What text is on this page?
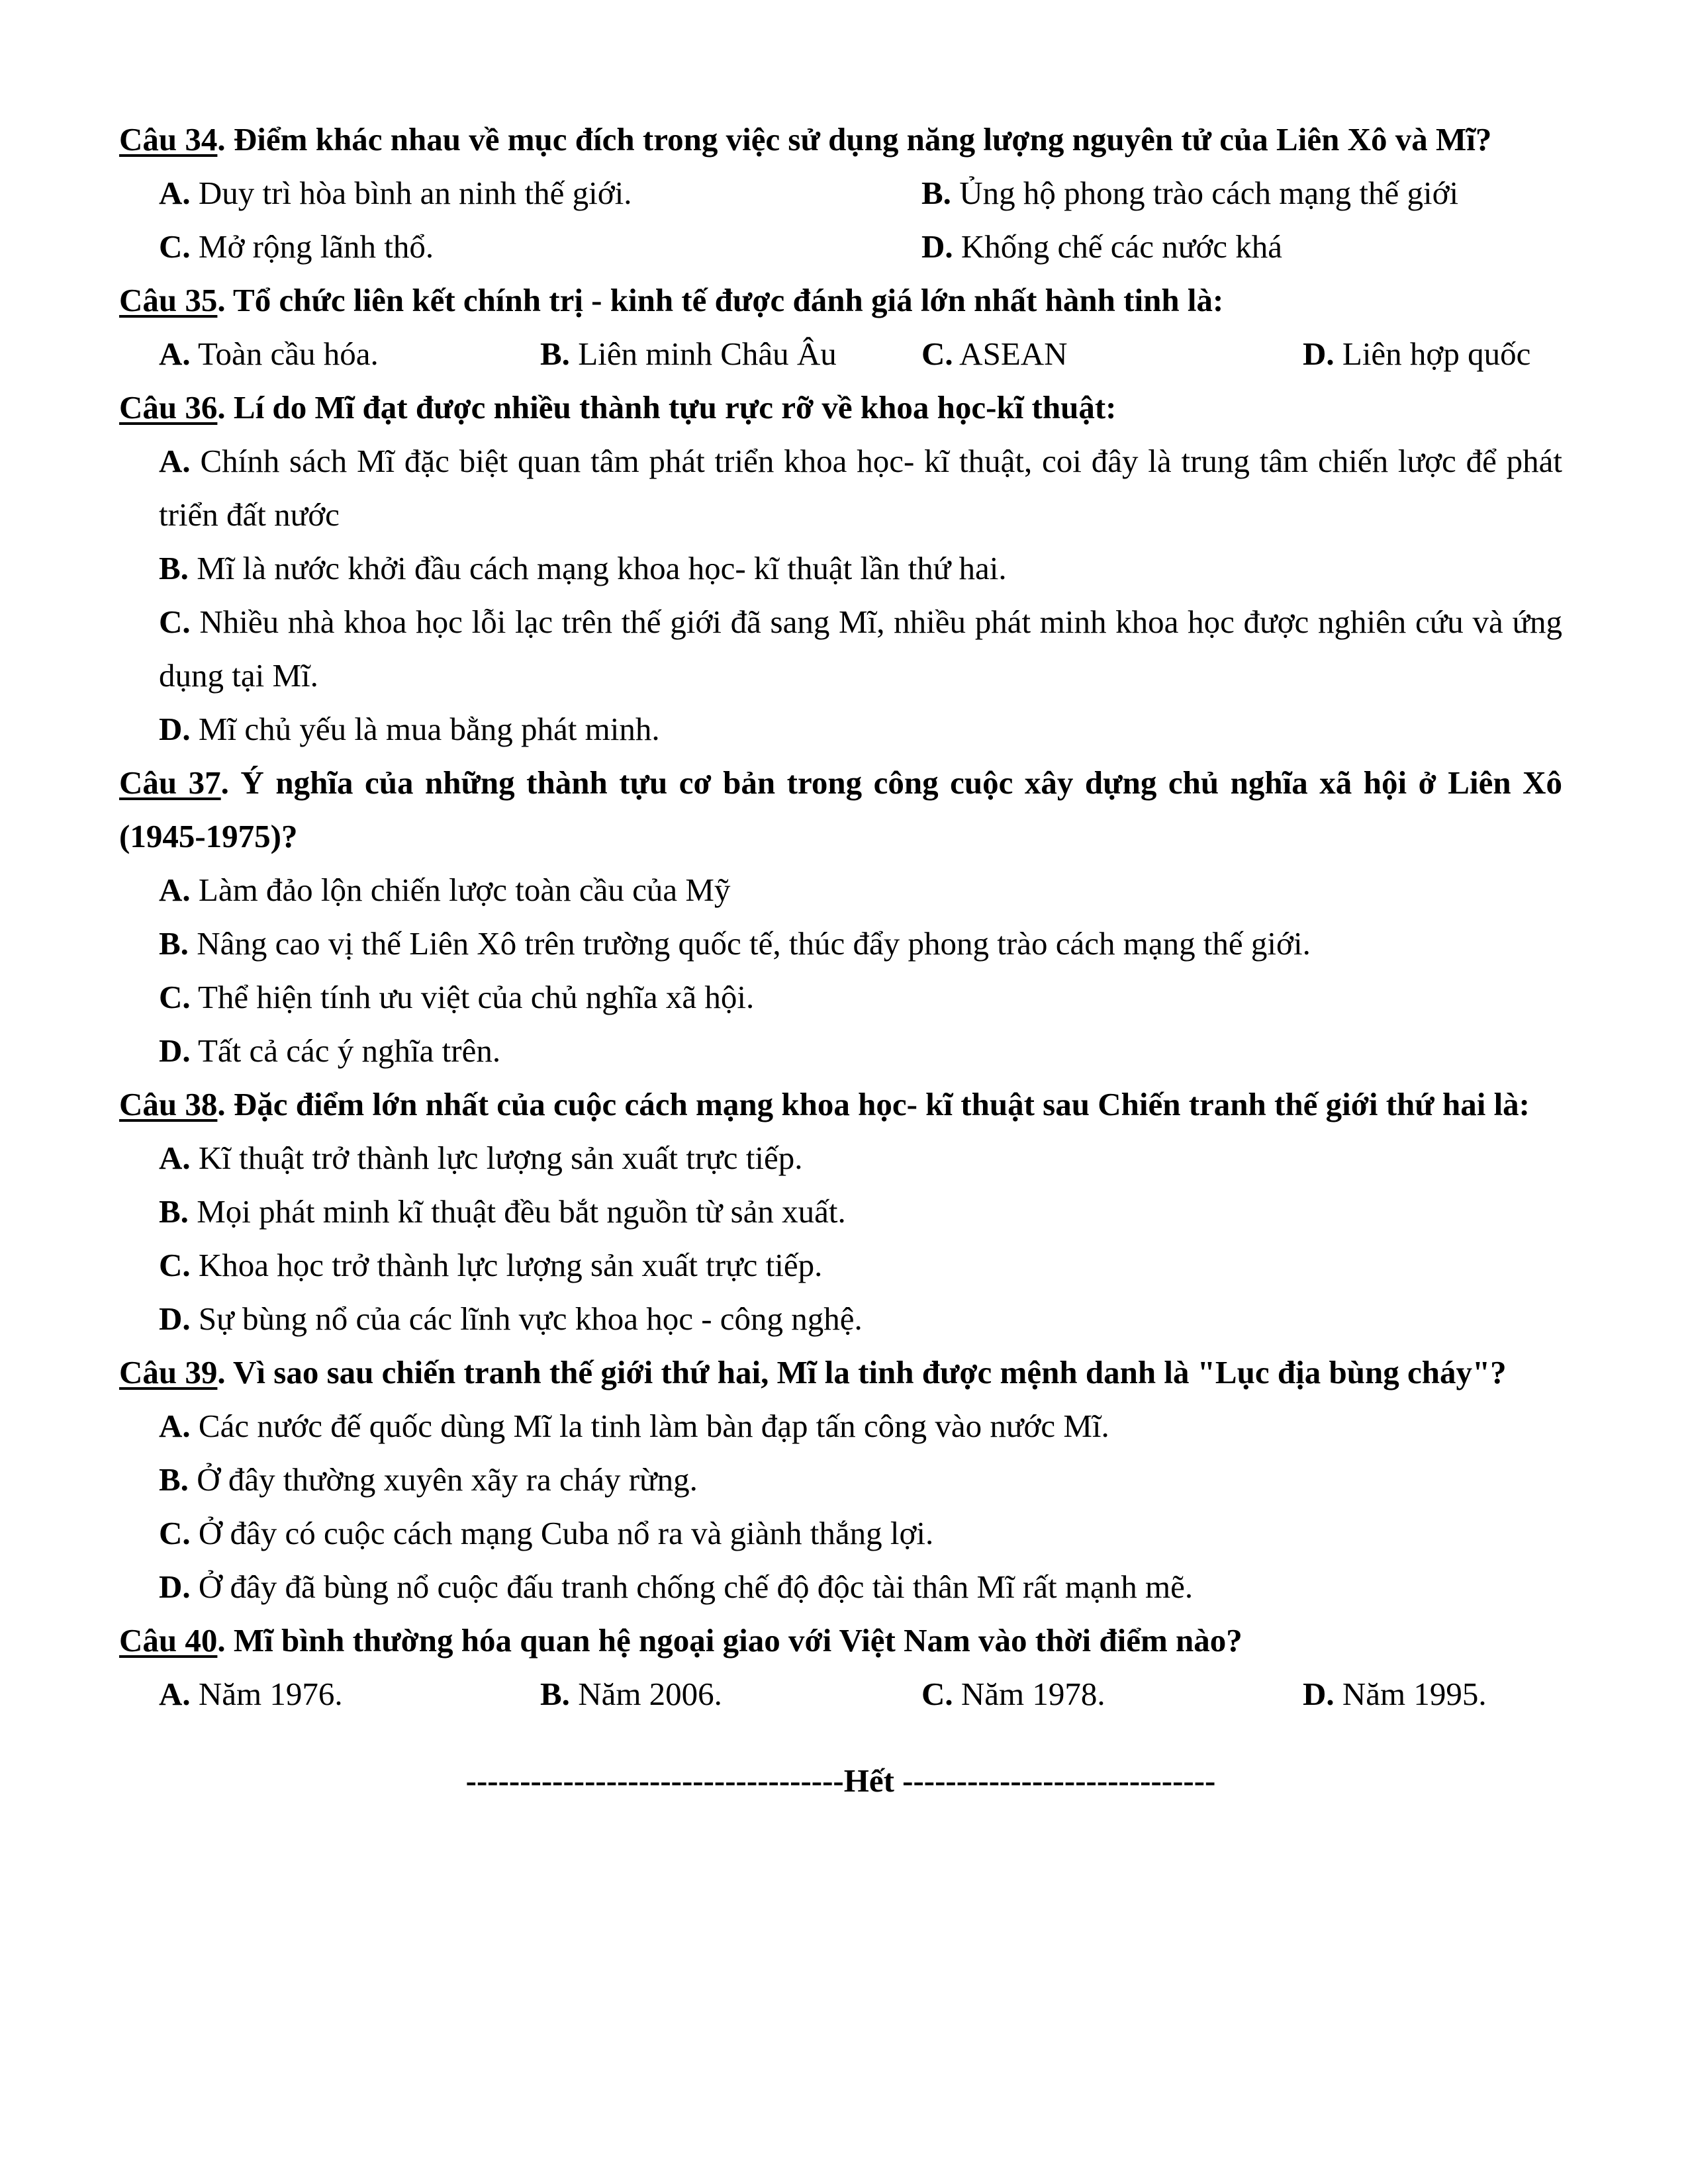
Câu 34. Điểm khác nhau về mục đích trong việc sử dụng năng lượng nguyên tử của Liên Xô và Mĩ?

A. Duy trì hòa bình an ninh thế giới.	B. Ủng hộ phong trào cách mạng thế giới

C. Mở rộng lãnh thổ.	D. Khống chế các nước khá

Câu 35. Tổ chức liên kết chính trị - kinh tế được đánh giá lớn nhất hành tinh là:

A. Toàn cầu hóa.	B. Liên minh Châu Âu	C. ASEAN	D. Liên hợp quốc

Câu 36. Lí do Mĩ đạt được nhiều thành tựu rực rỡ về khoa học-kĩ thuật:

A. Chính sách Mĩ đặc biệt quan tâm phát triển khoa học- kĩ thuật, coi đây là trung tâm chiến lược để phát triển đất nước

B. Mĩ là nước khởi đầu cách mạng khoa học- kĩ thuật lần thứ hai.

C. Nhiều nhà khoa học lỗi lạc trên thế giới đã sang Mĩ, nhiều phát minh khoa học được nghiên cứu và ứng dụng tại Mĩ.

D. Mĩ chủ yếu là mua bằng phát minh.

Câu 37. Ý nghĩa của những thành tựu cơ bản trong công cuộc xây dựng chủ nghĩa xã hội ở Liên Xô (1945-1975)?

A. Làm đảo lộn chiến lược toàn cầu của Mỹ

B. Nâng cao vị thế Liên Xô trên trường quốc tế, thúc đẩy phong trào cách mạng thế giới.

C. Thể hiện tính ưu việt của chủ nghĩa xã hội.

D. Tất cả các ý nghĩa trên.

Câu 38. Đặc điểm lớn nhất của cuộc cách mạng khoa học- kĩ thuật sau Chiến tranh thế giới thứ hai là:

A. Kĩ thuật trở thành lực lượng sản xuất trực tiếp.

B. Mọi phát minh kĩ thuật đều bắt nguồn từ sản xuất.

C. Khoa học trở thành lực lượng sản xuất trực tiếp.

D. Sự bùng nổ của các lĩnh vực khoa học - công nghệ.

Câu 39. Vì sao sau chiến tranh thế giới thứ hai, Mĩ la tinh được mệnh danh là "Lục địa bùng cháy"?

A. Các nước đế quốc dùng Mĩ la tinh làm bàn đạp tấn công vào nước Mĩ.

B. Ở đây thường xuyên xãy ra cháy rừng.

C. Ở đây có cuộc cách mạng Cuba nổ ra và giành thắng lợi.

D. Ở đây đã bùng nổ cuộc đấu tranh chống chế độ độc tài thân Mĩ rất mạnh mẽ.

Câu 40. Mĩ bình thường hóa quan hệ ngoại giao với Việt Nam vào thời điểm nào?

A. Năm 1976.	B. Năm 2006.	C. Năm 1978.	D. Năm 1995.

-----------------------------------Hết -----------------------------
